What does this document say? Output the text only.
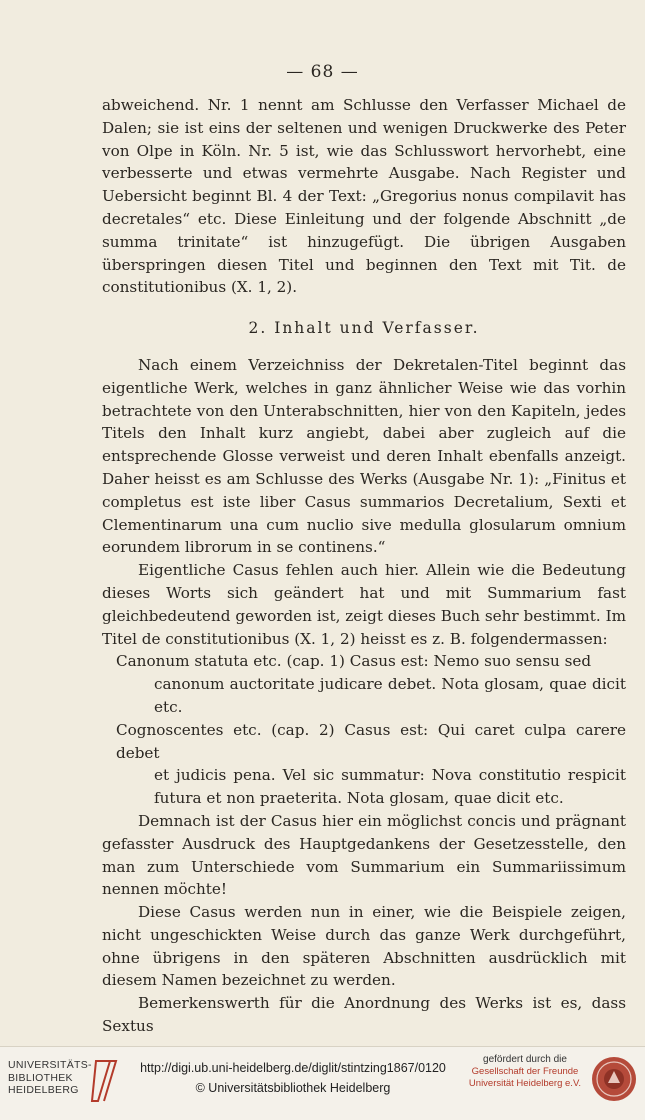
— 68 —

abweichend. Nr. 1 nennt am Schlusse den Verfasser Michael de Dalen; sie ist eins der seltenen und wenigen Druckwerke des Peter von Olpe in Köln. Nr. 5 ist, wie das Schlusswort hervorhebt, eine verbesserte und etwas vermehrte Ausgabe. Nach Register und Uebersicht beginnt Bl. 4 der Text: „Gregorius nonus compilavit has decretales“ etc. Diese Einleitung und der folgende Abschnitt „de summa trinitate“ ist hinzugefügt. Die übrigen Ausgaben überspringen diesen Titel und beginnen den Text mit Tit. de constitutionibus (X. 1, 2).

2. Inhalt und Verfasser.

Nach einem Verzeichniss der Dekretalen-Titel beginnt das eigentliche Werk, welches in ganz ähnlicher Weise wie das vorhin betrachtete von den Unterabschnitten, hier von den Kapiteln, jedes Titels den Inhalt kurz angiebt, dabei aber zugleich auf die entsprechende Glosse verweist und deren Inhalt ebenfalls anzeigt. Daher heisst es am Schlusse des Werks (Ausgabe Nr. 1): „Finitus et completus est iste liber Casus summarios Decretalium, Sexti et Clementinarum una cum nuclio sive medulla glosularum omnium eorundem librorum in se continens.“

Eigentliche Casus fehlen auch hier. Allein wie die Bedeutung dieses Worts sich geändert hat und mit Summarium fast gleichbedeutend geworden ist, zeigt dieses Buch sehr bestimmt. Im Titel de constitutionibus (X. 1, 2) heisst es z. B. folgendermassen:

Canonum statuta etc. (cap. 1) Casus est: Nemo suo sensu sed
canonum auctoritate judicare debet. Nota glosam, quae dicit etc.

Cognoscentes etc. (cap. 2) Casus est: Qui caret culpa carere debet
et judicis pena. Vel sic summatur: Nova constitutio respicit futura et non praeterita. Nota glosam, quae dicit etc.

Demnach ist der Casus hier ein möglichst concis und prägnant gefasster Ausdruck des Hauptgedankens der Gesetzesstelle, den man zum Unterschiede vom Summarium ein Summariissimum nennen möchte!

Diese Casus werden nun in einer, wie die Beispiele zeigen, nicht ungeschickten Weise durch das ganze Werk durchgeführt, ohne übrigens in den späteren Abschnitten ausdrücklich mit diesem Namen bezeichnet zu werden.

Bemerkenswerth für die Anordnung des Werks ist es, dass Sextus

UNIVERSITÄTS-
BIBLIOTHEK
HEIDELBERG
http://digi.ub.uni-heidelberg.de/diglit/stintzing1867/0120
© Universitätsbibliothek Heidelberg
gefördert durch die
Gesellschaft der Freunde
Universität Heidelberg e.V.
